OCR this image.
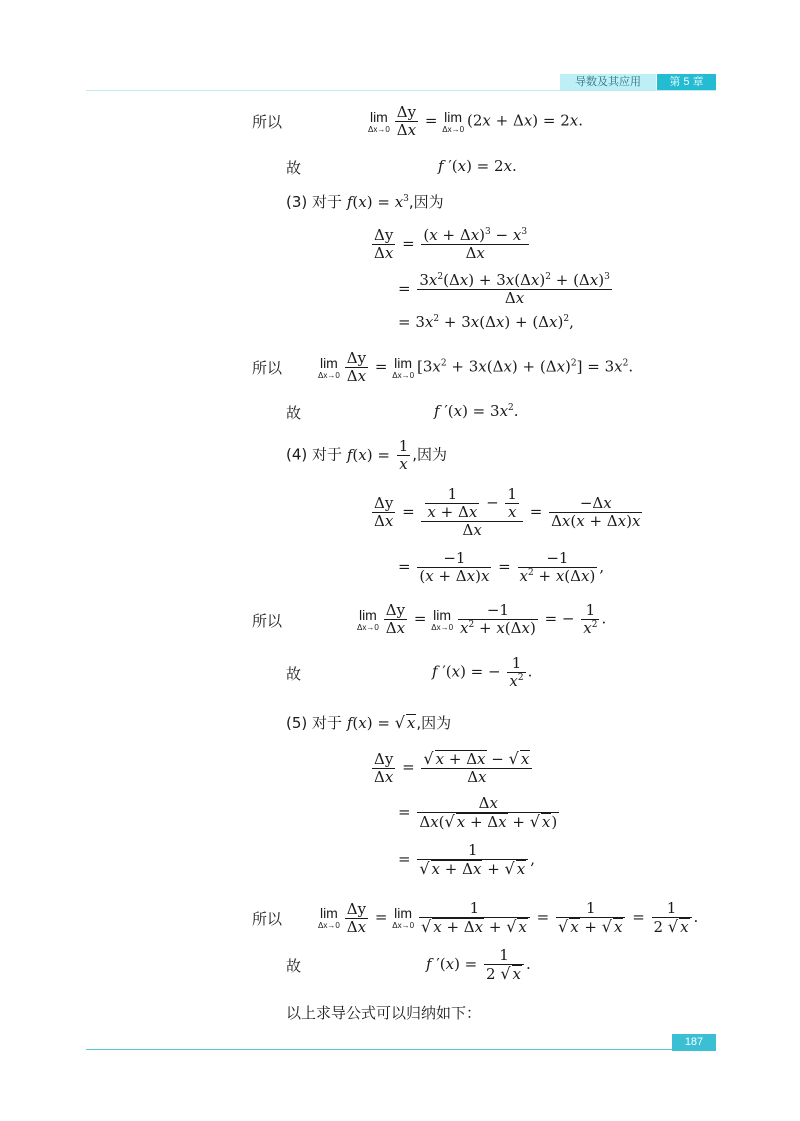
导数及其应用	第 5 章
所以	lim
$\Delta x\to 0 \frac{\Delta y}{\Delta x} = \lim$
Δx→0 (2x + Δx) = 2x.
故	f ′(x) = 2x.
(3) 对于 $f(x) = x^3$,因为
$\frac{\Delta y}{\Delta x} = \frac{(x + \Delta x)^3 - x^3}{\Delta x}$
= $\frac{3x^2(\Delta x) + 3x(\Delta x)^2 + (\Delta x)^3}{\Delta x}$
= $3x^2 + 3x(\Delta x) + (\Delta x)^2$,
所以	lim
$\Delta x\to 0 \frac{\Delta y}{\Delta x} = \lim$
Δx→0 $[3x^2 + 3x(\Delta x) + (\Delta x)^2] = 3x^2$.
故	f $'(x) = 3x^2$.
(4) 对于 $f(x) = \frac{1}{x}$ ,因为
$\frac{\Delta y}{\Delta x} = \frac{\frac{1}{x + \Delta x} - \frac{1}{x}}{\Delta x} = \frac{-\Delta x}{\Delta x(x + \Delta x)x}$
= $\frac{-1}{(x + \Delta x)x} = \frac{-1}{x^2 + x(\Delta x)}$ ,
所以	lim
$\Delta x\to 0 \frac{\Delta y}{\Delta x} = \lim$
$\Delta x\to 0 \frac{-1}{x^2 + x(\Delta x)}$ = − $\frac{1}{x^2}$ .
故	f ′(x) = − $\frac{1}{x^2}$ .
(5) 对于 f(x) = √ x,因为
$\frac{\Delta y}{\Delta x} = \frac{√ x + \Delta x - √ x}{\Delta x}$
= $\frac{\Delta x}{\Delta x(√ x + \Delta x + √ x)}$
= $\frac{1}{√ x + \Delta x + √ x}$ ,
所以	lim
$\Delta x\to 0 \frac{\Delta y}{\Delta x} = \lim$
$\Delta x\to 0 \frac{1}{√ x + \Delta x + √ x} = \frac{1}{√ x + √ x} = \frac{1}{2 √ x}$ .
故	f $'(x) = \frac{1}{2 √ x}$ .
以上求导公式可以归纳如下：
187
